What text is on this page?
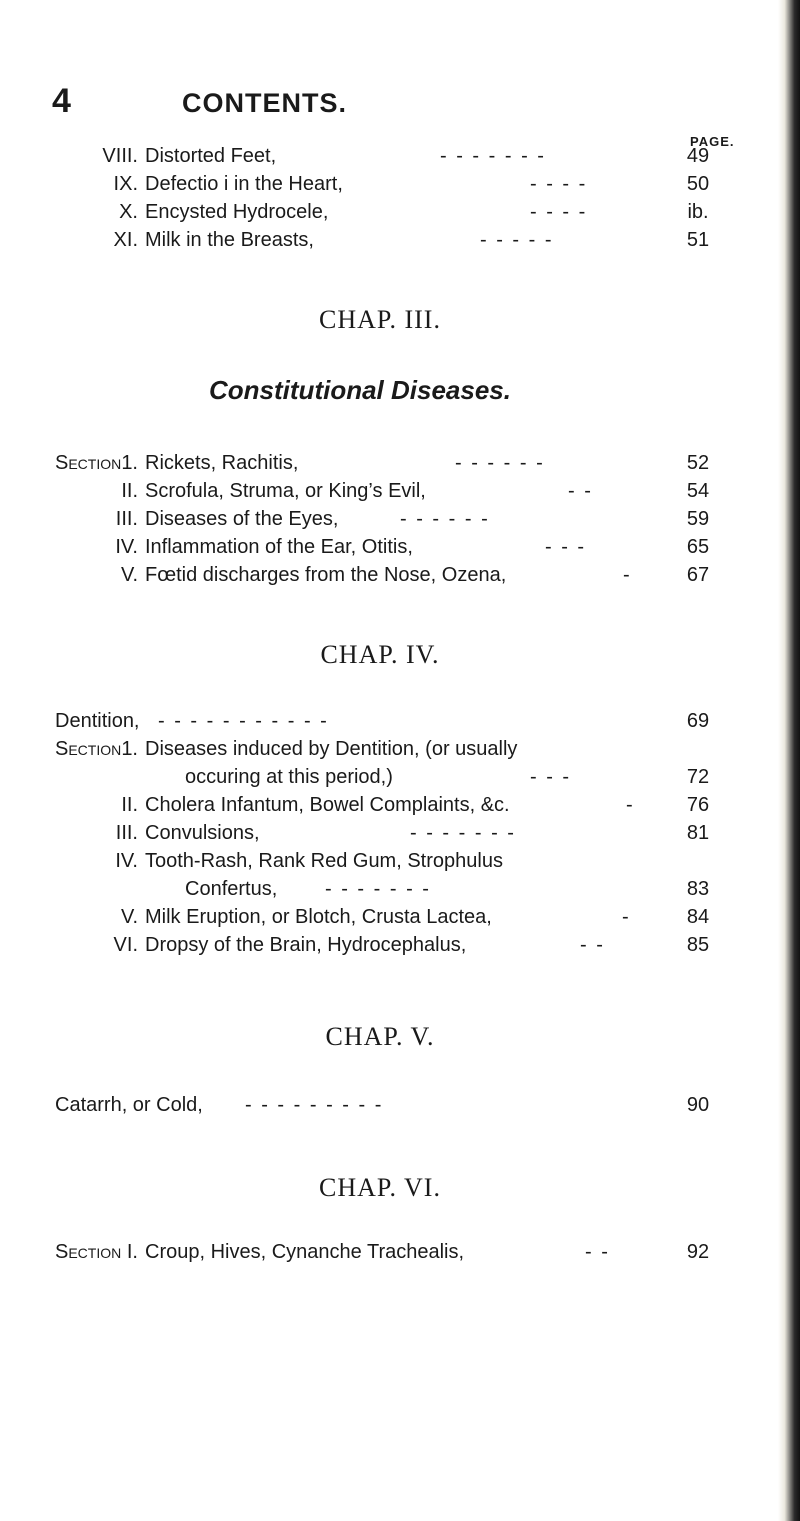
4	CONTENTS.
PAGE.
VIII. Distorted Feet,	- - - - - - -	49
IX. Defectio i in the Heart,	- - - -	50
X. Encysted Hydrocele,	- - - -	ib.
XI. Milk in the Breasts,	- - - - -	51
CHAP. III.
Constitutional Diseases.
Section 1. Rickets, Rachitis,	- - - - - -	52
II. Scrofula, Struma, or King’s Evil,	- -	54
III. Diseases of the Eyes,	- - - - - -	59
IV. Inflammation of the Ear, Otitis,	- - -	65
V. Fœtid discharges from the Nose, Ozena,	-	67
CHAP. IV.
Dentition, - - - - - - - - - - -	69
Section 1. Diseases induced by Dentition, (or usually
occuring at this period,)	- - -	72
II. Cholera Infantum, Bowel Complaints, &c.	-	76
III. Convulsions,	- - - - - - -	81
IV. Tooth-Rash, Rank Red Gum, Strophulus
Confertus, - - - - - - -	83
V. Milk Eruption, or Blotch, Crusta Lactea,	-	84
VI. Dropsy of the Brain, Hydrocephalus,	- -	85
CHAP. V.
Catarrh, or Cold, - - - - - - - - -	90
CHAP. VI.
Section I. Croup, Hives, Cynanche Trachealis,	- -	92
